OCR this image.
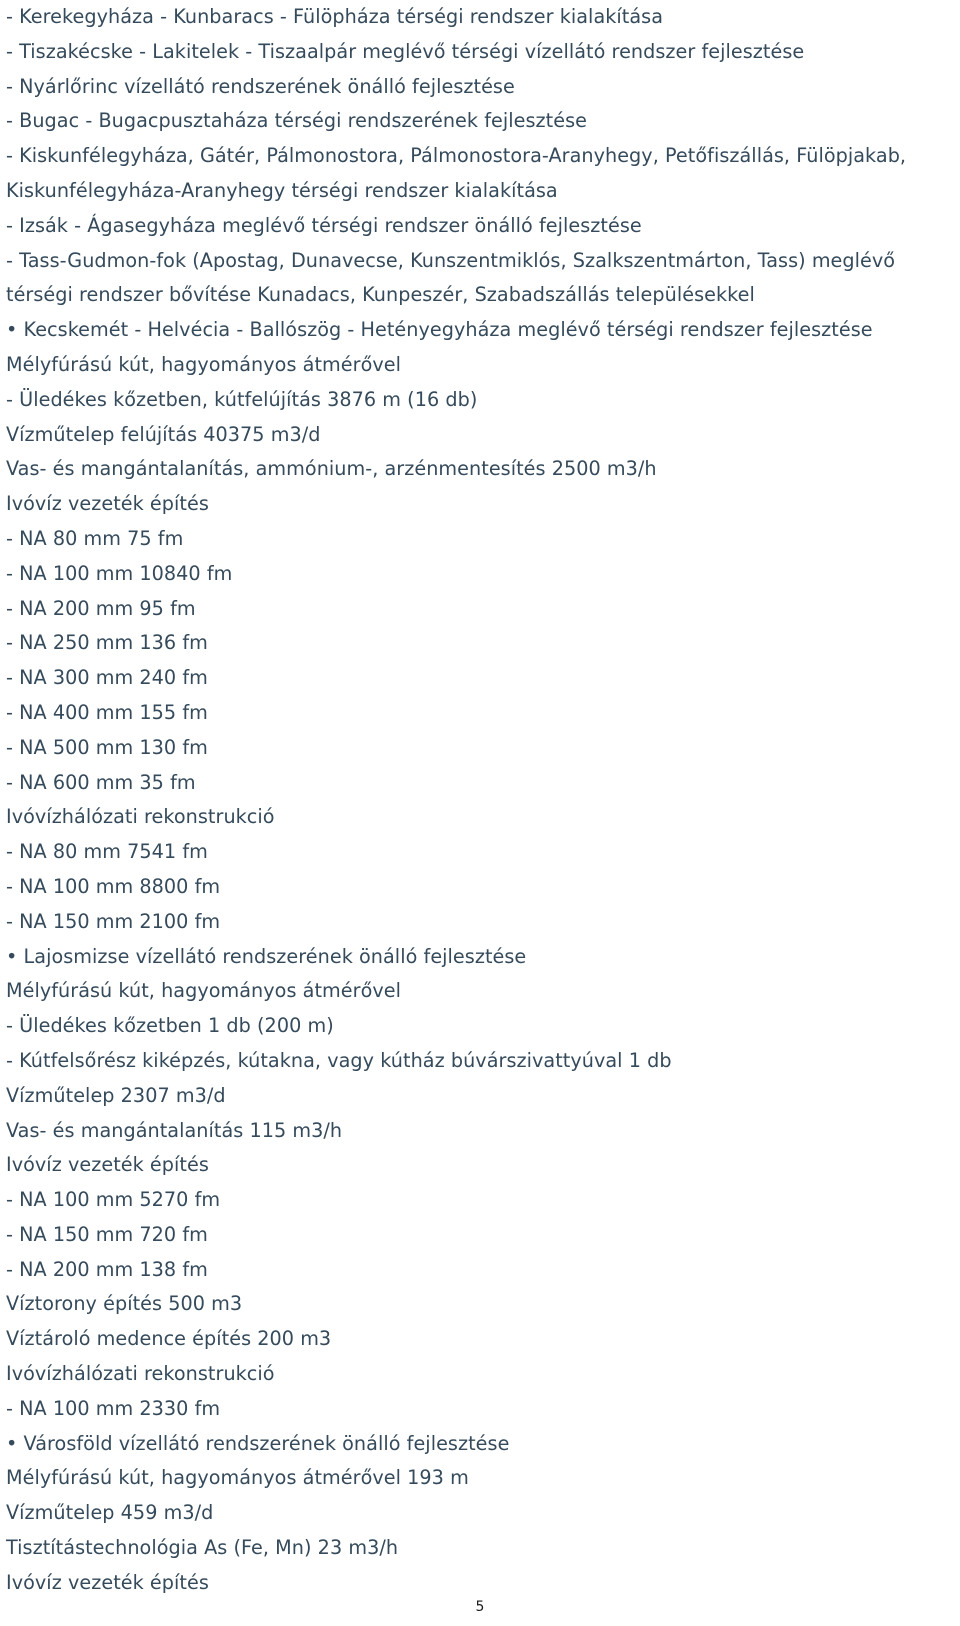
- Kerekegyháza - Kunbaracs - Fülöpháza térségi rendszer kialakítása
- Tiszakécske - Lakitelek - Tiszaalpár meglévő térségi vízellátó rendszer fejlesztése
- Nyárlőrinc vízellátó rendszerének önálló fejlesztése
- Bugac - Bugacpusztaháza térségi rendszerének fejlesztése
- Kiskunfélegyháza, Gátér, Pálmonostora, Pálmonostora-Aranyhegy, Petőfiszállás, Fülöpjakab,
Kiskunfélegyháza-Aranyhegy térségi rendszer kialakítása
- Izsák - Ágasegyháza meglévő térségi rendszer önálló fejlesztése
- Tass-Gudmon-fok (Apostag, Dunavecse, Kunszentmiklós, Szalkszentmárton, Tass) meglévő
térségi rendszer bővítése Kunadacs, Kunpeszér, Szabadszállás településekkel
• Kecskemét - Helvécia - Ballószög - Hetényegyháza meglévő térségi rendszer fejlesztése
Mélyfúrású kút, hagyományos átmérővel
- Üledékes kőzetben, kútfelújítás 3876 m (16 db)
Vízműtelep felújítás 40375 m3/d
Vas- és mangántalanítás, ammónium-, arzénmentesítés 2500 m3/h
Ivóvíz vezeték építés
- NA 80 mm 75 fm
- NA 100 mm 10840 fm
- NA 200 mm 95 fm
- NA 250 mm 136 fm
- NA 300 mm 240 fm
- NA 400 mm 155 fm
- NA 500 mm 130 fm
- NA 600 mm 35 fm
Ivóvízhálózati rekonstrukció
- NA 80 mm 7541 fm
- NA 100 mm 8800 fm
- NA 150 mm 2100 fm
• Lajosmizse vízellátó rendszerének önálló fejlesztése
Mélyfúrású kút, hagyományos átmérővel
- Üledékes kőzetben 1 db (200 m)
- Kútfelsőrész kiképzés, kútakna, vagy kútház búvárszivattyúval 1 db
Vízműtelep 2307 m3/d
Vas- és mangántalanítás 115 m3/h
Ivóvíz vezeték építés
- NA 100 mm 5270 fm
- NA 150 mm 720 fm
- NA 200 mm 138 fm
Víztorony építés 500 m3
Víztároló medence építés 200 m3
Ivóvízhálózati rekonstrukció
- NA 100 mm 2330 fm
• Városföld vízellátó rendszerének önálló fejlesztése
Mélyfúrású kút, hagyományos átmérővel 193 m
Vízműtelep 459 m3/d
Tisztítástechnológia As (Fe, Mn) 23 m3/h
Ivóvíz vezeték építés
5
